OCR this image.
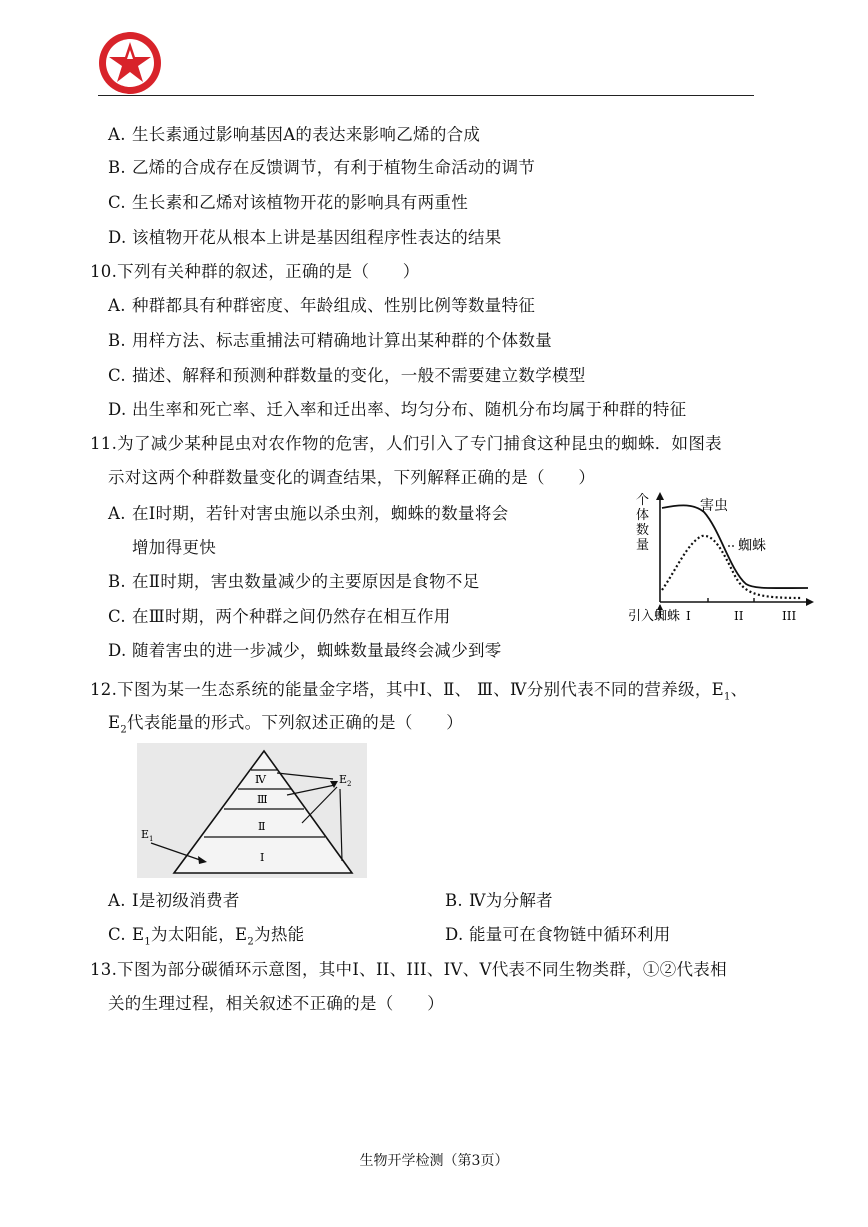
A. 生长素通过影响基因A的表达来影响乙烯的合成
B. 乙烯的合成存在反馈调节，有利于植物生命活动的调节
C. 生长素和乙烯对该植物开花的影响具有两重性
D. 该植物开花从根本上讲是基因组程序性表达的结果
10.下列有关种群的叙述，正确的是（　　）
A. 种群都具有种群密度、年龄组成、性别比例等数量特征
B. 用样方法、标志重捕法可精确地计算出某种群的个体数量
C. 描述、解释和预测种群数量的变化，一般不需要建立数学模型
D. 出生率和死亡率、迁入率和迁出率、均匀分布、随机分布均属于种群的特征
11.为了减少某种昆虫对农作物的危害，人们引入了专门捕食这种昆虫的蜘蛛．如图表
示对这两个种群数量变化的调查结果，下列解释正确的是（　　）
A. 在Ⅰ时期，若针对害虫施以杀虫剂，蜘蛛的数量将会
增加得更快
B. 在Ⅱ时期，害虫数量减少的主要原因是食物不足
C. 在Ⅲ时期，两个种群之间仍然存在相互作用
D. 随着害虫的进一步减少，蜘蛛数量最终会减少到零
害虫
蜘蛛
引入蜘蛛 I	II	III
个体数量
12.下图为某一生态系统的能量金字塔，其中Ⅰ、Ⅱ、 Ⅲ、Ⅳ分别代表不同的营养级，$E_1$、
$E_2$代表能量的形式。下列叙述正确的是（　　）
Ⅳ
Ⅲ
Ⅱ
Ⅰ
$E_1$
$E_2$
A. Ⅰ是初级消费者	B. Ⅳ为分解者
C. $E_1$为太阳能，$E_2$为热能	D. 能量可在食物链中循环利用
13.下图为部分碳循环示意图，其中I、II、III、IV、V代表不同生物类群，①②代表相
关的生理过程，相关叙述不正确的是（　　）
生物开学检测（第3页）
